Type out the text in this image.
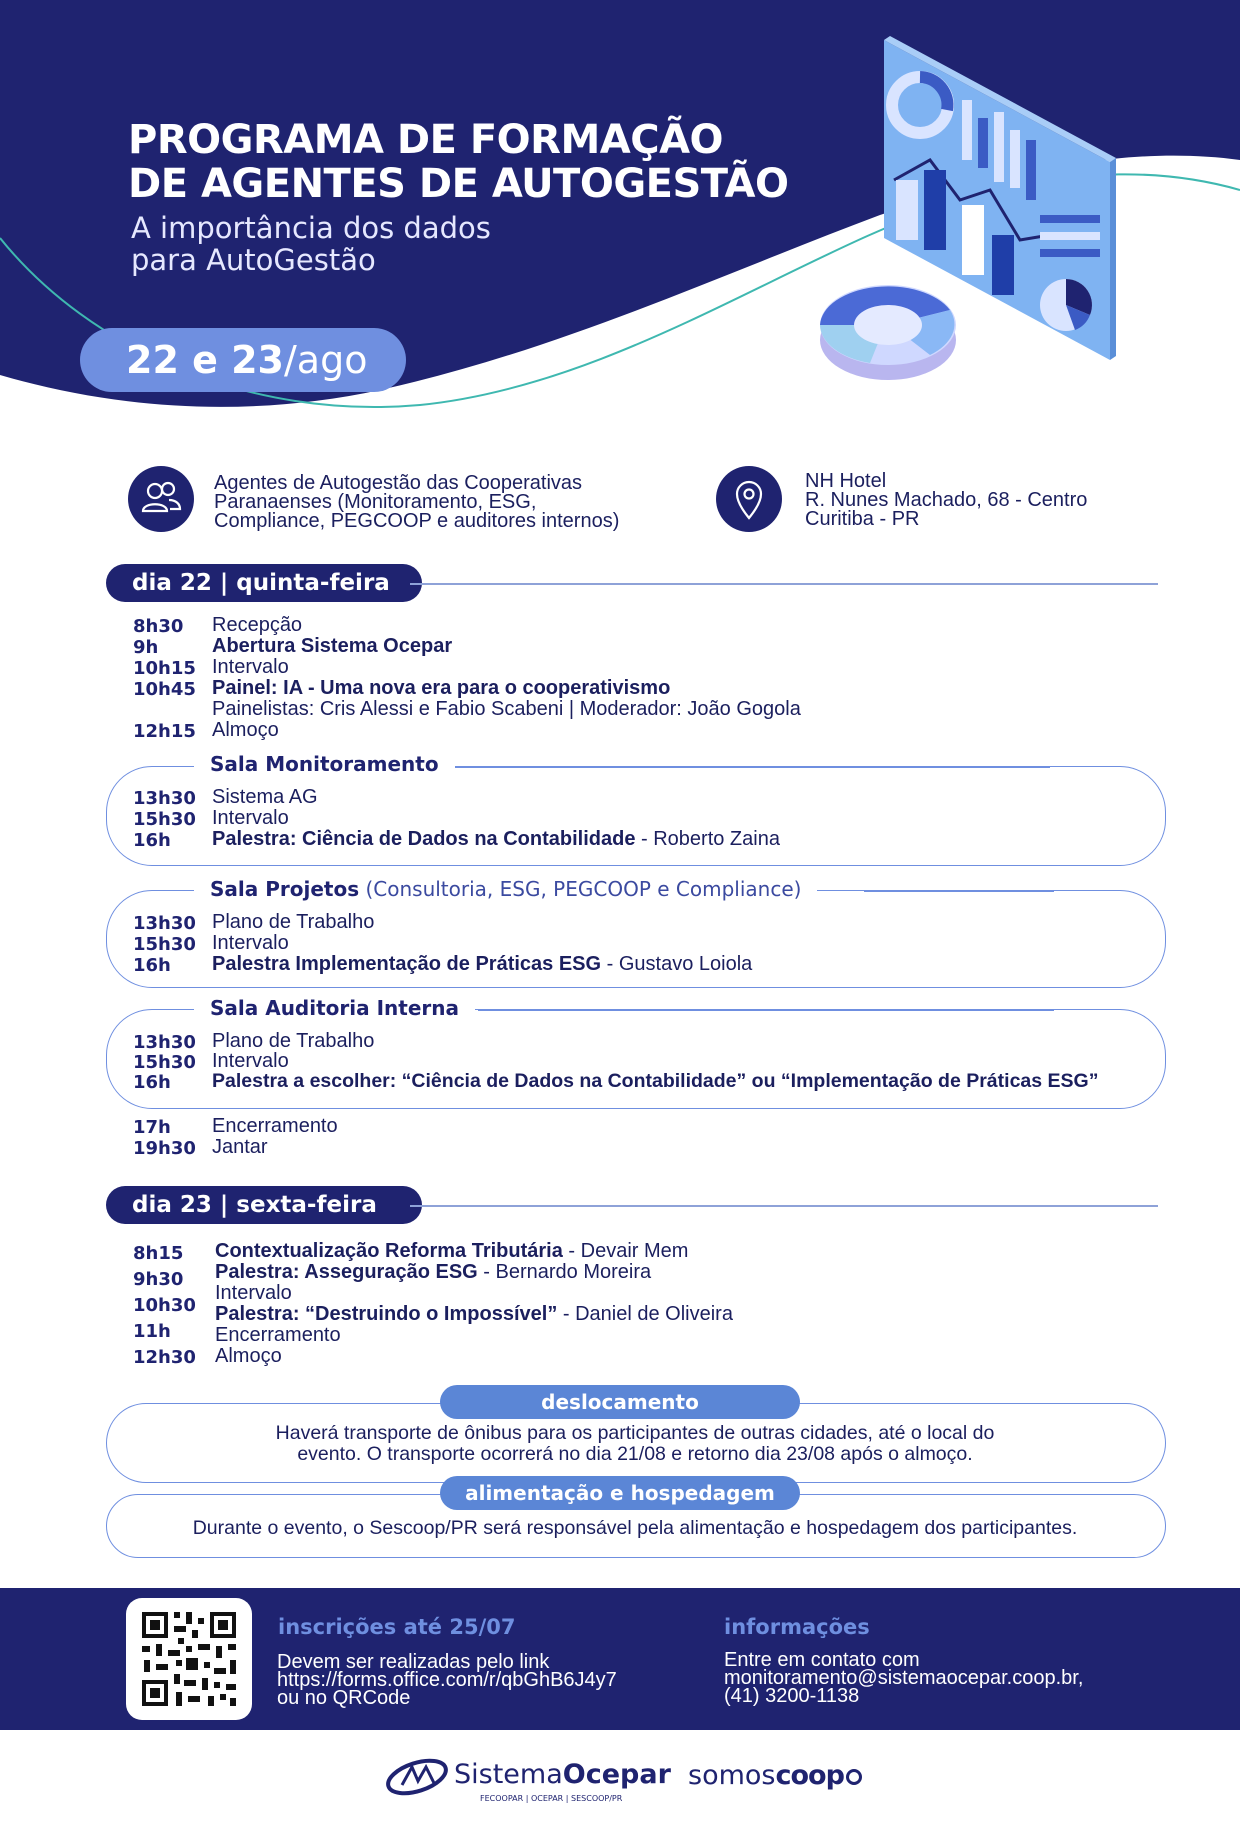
PROGRAMA DE FORMAÇÃO
DE AGENTES DE AUTOGESTÃO
A importância dos dados
para AutoGestão
22 e 23/ago
Agentes de Autogestão das Cooperativas
Paranaenses (Monitoramento, ESG,
Compliance, PEGCOOP e auditores internos)
NH Hotel
R. Nunes Machado, 68 - Centro
Curitiba - PR
dia 22 | quinta-feira
8h30 Recepção
9h	Abertura Sistema Ocepar
10h15 Intervalo
10h45 Painel: IA - Uma nova era para o cooperativismo
Painelistas: Cris Alessi e Fabio Scabeni | Moderador: João Gogola
12h15 Almoço
Sala Monitoramento
13h30 Sistema AG
15h30 Intervalo
16h Palestra: Ciência de Dados na Contabilidade - Roberto Zaina
Sala Projetos (Consultoria, ESG, PEGCOOP e Compliance)
13h30 Plano de Trabalho
15h30 Intervalo
16h Palestra Implementação de Práticas ESG - Gustavo Loiola
Sala Auditoria Interna
13h30 Plano de Trabalho
15h30 Intervalo
16h Palestra a escolher: “Ciência de Dados na Contabilidade” ou “Implementação de Práticas ESG”
17h Encerramento
19h30 Jantar
dia 23 | sexta-feira
8h15
9h30
10h30
11h
12h30
Contextualização Reforma Tributária - Devair Mem
Palestra: Asseguração ESG - Bernardo Moreira
Intervalo
Palestra: “Destruindo o Impossível” - Daniel de Oliveira
Encerramento
Almoço
deslocamento
Haverá transporte de ônibus para os participantes de outras cidades, até o local do
evento. O transporte ocorrerá no dia 21/08 e retorno dia 23/08 após o almoço.
alimentação e hospedagem
Durante o evento, o Sescoop/PR será responsável pela alimentação e hospedagem dos participantes.
inscrições até 25/07
Devem ser realizadas pelo link
https://forms.office.com/r/qbGhB6J4y7
ou no QRCode
informações
Entre em contato com
monitoramento@sistemaocepar.coop.br,
(41) 3200-1138
SistemaOcepar
FECOOPAR | OCEPAR | SESCOOP/PR
somoscoop
